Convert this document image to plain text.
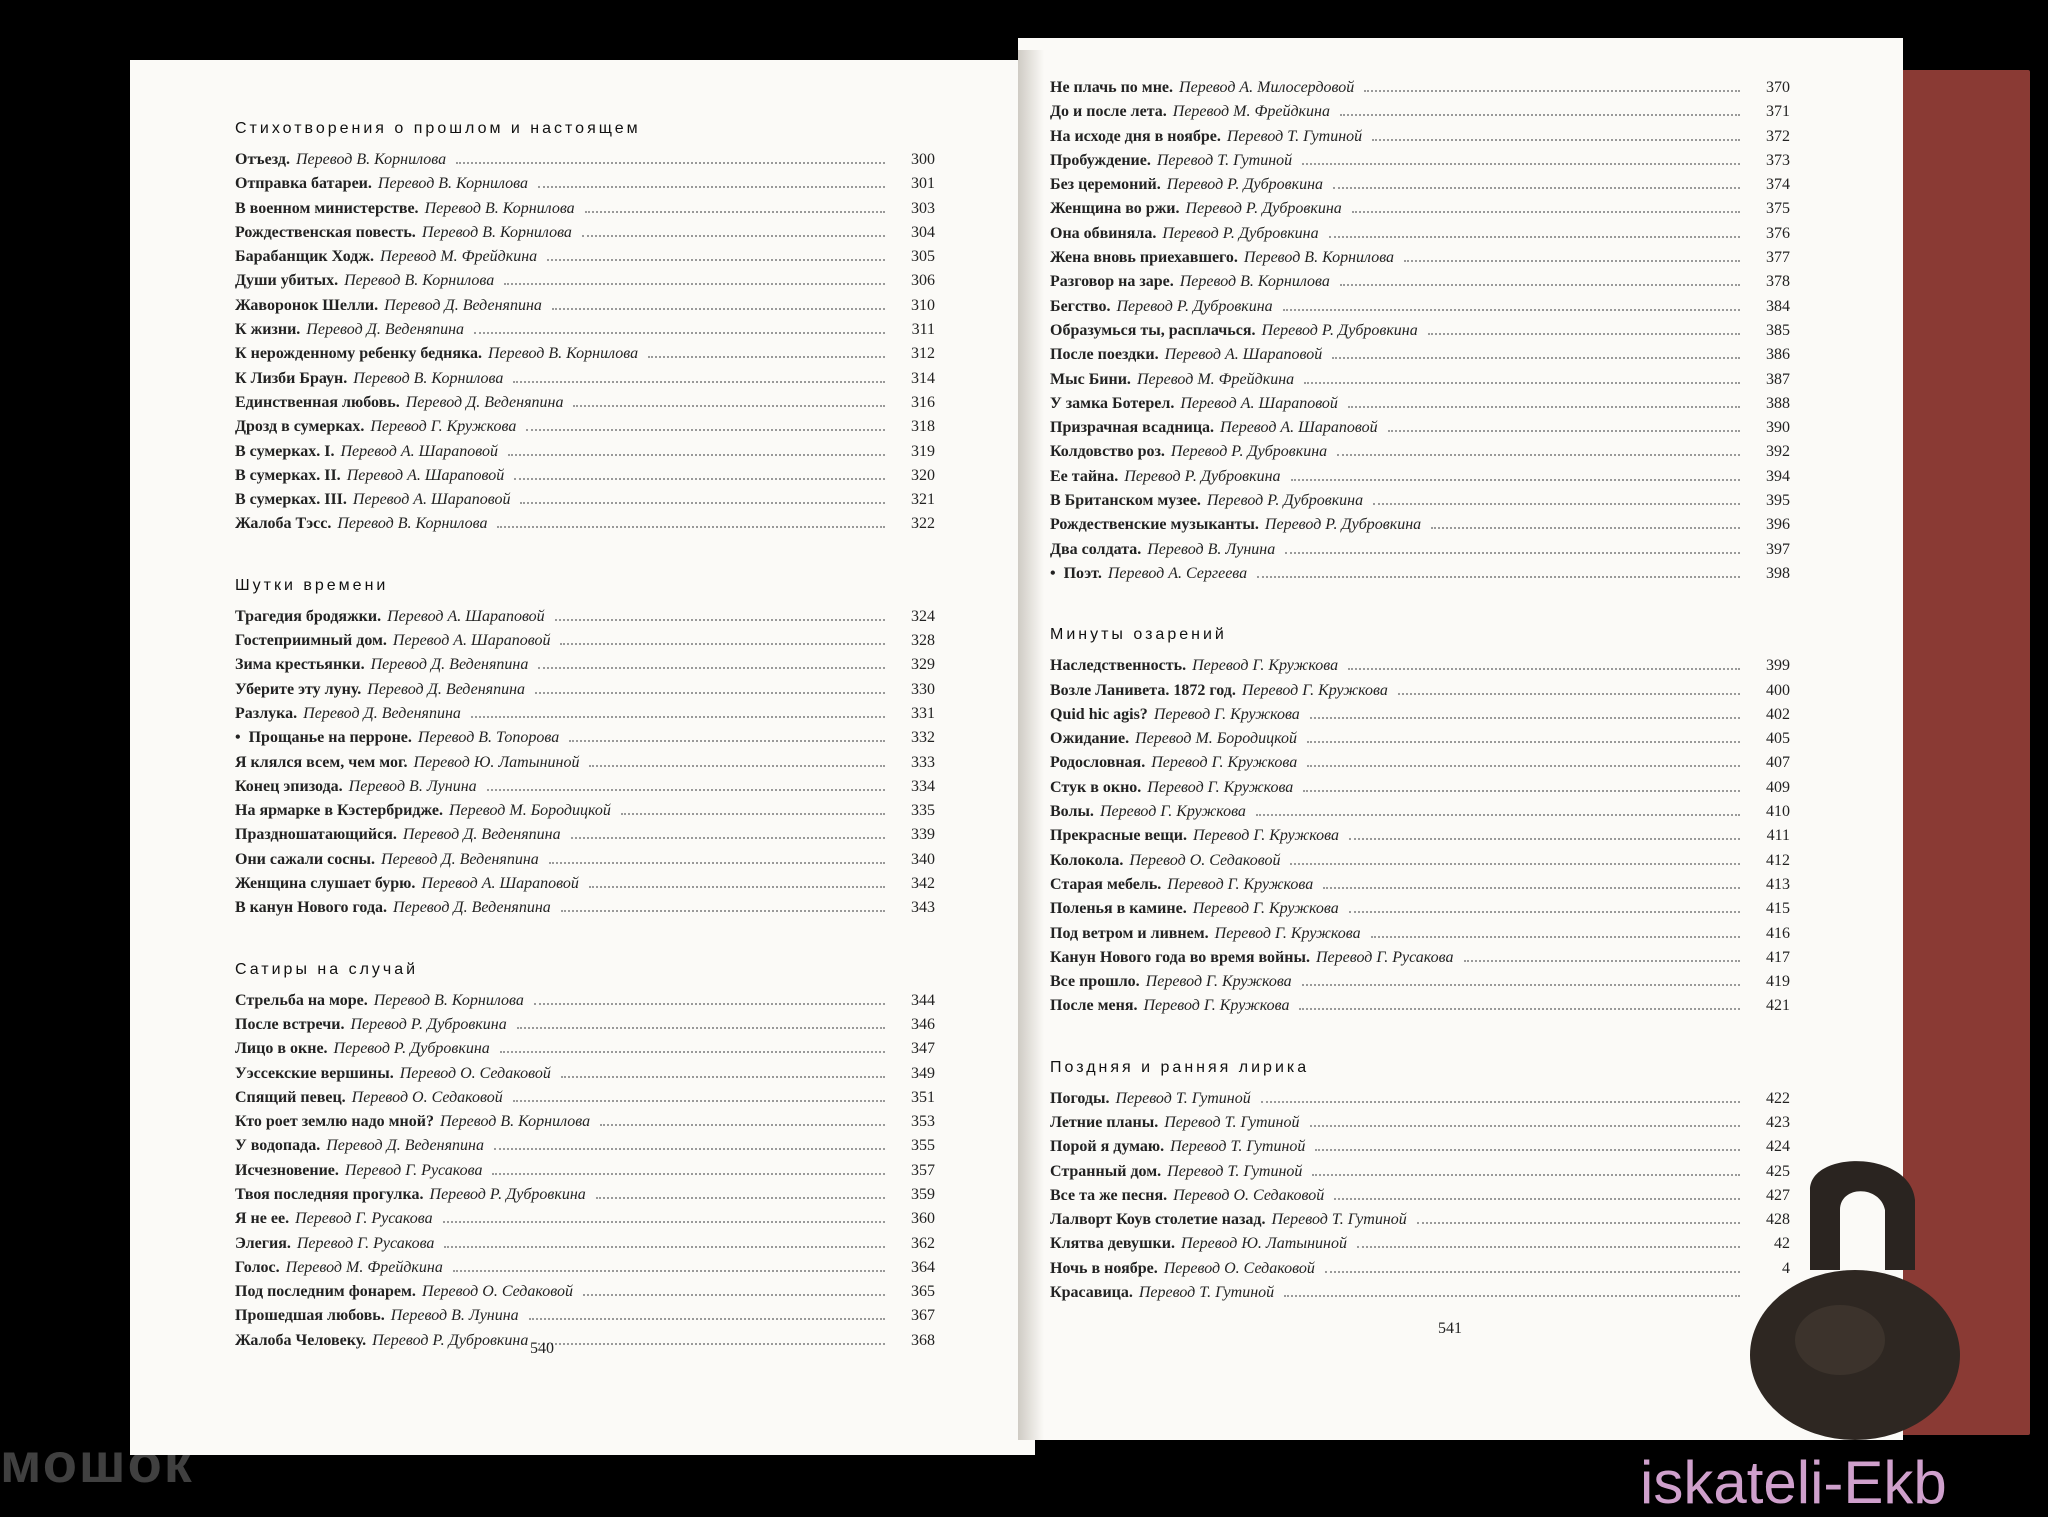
Стихотворения о прошлом и настоящем
Отъезд. Перевод В. Корнилова	300
Отправка батареи. Перевод В. Корнилова	301
В военном министерстве. Перевод В. Корнилова	303
Рождественская повесть. Перевод В. Корнилова	304
Барабанщик Ходж. Перевод М. Фрейдкина	305
Души убитых. Перевод В. Корнилова	306
Жаворонок Шелли. Перевод Д. Веденяпина	310
К жизни. Перевод Д. Веденяпина	311
К нерожденному ребенку бедняка. Перевод В. Корнилова	312
К Лизби Браун. Перевод В. Корнилова	314
Единственная любовь. Перевод Д. Веденяпина	316
Дрозд в сумерках. Перевод Г. Кружкова	318
В сумерках. I. Перевод А. Шараповой	319
В сумерках. II. Перевод А. Шараповой	320
В сумерках. III. Перевод А. Шараповой	321
Жалоба Тэсс. Перевод В. Корнилова	322
Шутки времени
Трагедия бродяжки. Перевод А. Шараповой	324
Гостеприимный дом. Перевод А. Шараповой	328
Зима крестьянки. Перевод Д. Веденяпина	329
Уберите эту луну. Перевод Д. Веденяпина	330
Разлука. Перевод Д. Веденяпина	331
• Прощанье на перроне. Перевод В. Топорова	332
Я клялся всем, чем мог. Перевод Ю. Латыниной	333
Конец эпизода. Перевод В. Лунина	334
На ярмарке в Кэстербридже. Перевод М. Бородицкой	335
Праздношатающийся. Перевод Д. Веденяпина	339
Они сажали сосны. Перевод Д. Веденяпина	340
Женщина слушает бурю. Перевод А. Шараповой	342
В канун Нового года. Перевод Д. Веденяпина	343
Сатиры на случай
Стрельба на море. Перевод В. Корнилова	344
После встречи. Перевод Р. Дубровкина	346
Лицо в окне. Перевод Р. Дубровкина	347
Уэссекские вершины. Перевод О. Седаковой	349
Спящий певец. Перевод О. Седаковой	351
Кто роет землю надо мной? Перевод В. Корнилова	353
У водопада. Перевод Д. Веденяпина	355
Исчезновение. Перевод Г. Русакова	357
Твоя последняя прогулка. Перевод Р. Дубровкина	359
Я не ее. Перевод Г. Русакова	360
Элегия. Перевод Г. Русакова	362
Голос. Перевод М. Фрейдкина	364
Под последним фонарем. Перевод О. Седаковой	365
Прошедшая любовь. Перевод В. Лунина	367
Жалоба Человеку. Перевод Р. Дубровкина	368
540
Не плачь по мне. Перевод А. Милосердовой	370
До и после лета. Перевод М. Фрейдкина	371
На исходе дня в ноябре. Перевод Т. Гутиной	372
Пробуждение. Перевод Т. Гутиной	373
Без церемоний. Перевод Р. Дубровкина	374
Женщина во ржи. Перевод Р. Дубровкина	375
Она обвиняла. Перевод Р. Дубровкина	376
Жена вновь приехавшего. Перевод В. Корнилова	377
Разговор на заре. Перевод В. Корнилова	378
Бегство. Перевод Р. Дубровкина	384
Образумься ты, расплачься. Перевод Р. Дубровкина	385
После поездки. Перевод А. Шараповой	386
Мыс Бини. Перевод М. Фрейдкина	387
У замка Ботерел. Перевод А. Шараповой	388
Призрачная всадница. Перевод А. Шараповой	390
Колдовство роз. Перевод Р. Дубровкина	392
Ее тайна. Перевод Р. Дубровкина	394
В Британском музее. Перевод Р. Дубровкина	395
Рождественские музыканты. Перевод Р. Дубровкина	396
Два солдата. Перевод В. Лунина	397
• Поэт. Перевод А. Сергеева	398
Минуты озарений
Наследственность. Перевод Г. Кружкова	399
Возле Ланивета. 1872 год. Перевод Г. Кружкова	400
Quid hic agis? Перевод Г. Кружкова	402
Ожидание. Перевод М. Бородицкой	405
Родословная. Перевод Г. Кружкова	407
Стук в окно. Перевод Г. Кружкова	409
Волы. Перевод Г. Кружкова	410
Прекрасные вещи. Перевод Г. Кружкова	411
Колокола. Перевод О. Седаковой	412
Старая мебель. Перевод Г. Кружкова	413
Поленья в камине. Перевод Г. Кружкова	415
Под ветром и ливнем. Перевод Г. Кружкова	416
Канун Нового года во время войны. Перевод Г. Русакова	417
Все прошло. Перевод Г. Кружкова	419
После меня. Перевод Г. Кружкова	421
Поздняя и ранняя лирика
Погоды. Перевод Т. Гутиной	422
Летние планы. Перевод Т. Гутиной	423
Порой я думаю. Перевод Т. Гутиной	424
Странный дом. Перевод Т. Гутиной	425
Все та же песня. Перевод О. Седаковой	427
Лалворт Коув столетие назад. Перевод Т. Гутиной	428
Клятва девушки. Перевод Ю. Латыниной	42
Ночь в ноябре. Перевод О. Седаковой	4
Красавица. Перевод Т. Гутиной
541
мошок	iskateli-Ekb
